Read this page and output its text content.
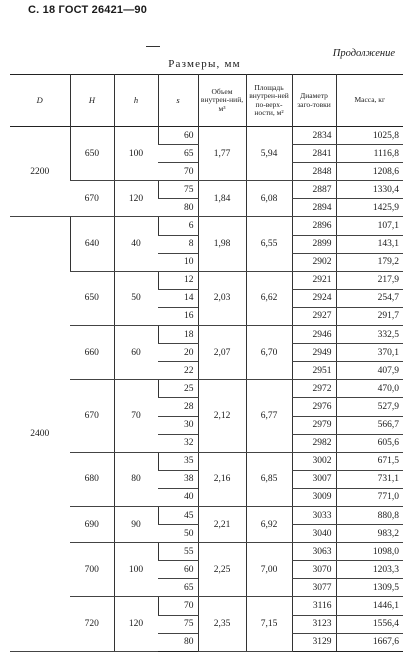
С. 18 ГОСТ 26421—90
Продолжение
Размеры, мм
D	H	h	s	Объем внутрен-ний, м³	Площадь внутрен-ней по-верх-ности, м²	Диаметр заго-товки	Масса, кг
2200	650	100	60	1,77	5,94	2834	1025,8
			65			2841	1116,8
			70			2848	1208,6
	670	120	75	1,84	6,08	2887	1330,4
			80			2894	1425,9
2400	640	40	6	1,98	6,55	2896	107,1
			8			2899	143,1
			10			2902	179,2
	650	50	12	2,03	6,62	2921	217,9
			14			2924	254,7
			16			2927	291,7
	660	60	18	2,07	6,70	2946	332,5
			20			2949	370,1
			22			2951	407,9
	670	70	25	2,12	6,77	2972	470,0
			28			2976	527,9
			30			2979	566,7
			32			2982	605,6
	680	80	35	2,16	6,85	3002	671,5
			38			3007	731,1
			40			3009	771,0
	690	90	45	2,21	6,92	3033	880,8
			50			3040	983,2
	700	100	55	2,25	7,00	3063	1098,0
			60			3070	1203,3
			65			3077	1309,5
	720	120	70	2,35	7,15	3116	1446,1
			75			3123	1556,4
			80			3129	1667,6
